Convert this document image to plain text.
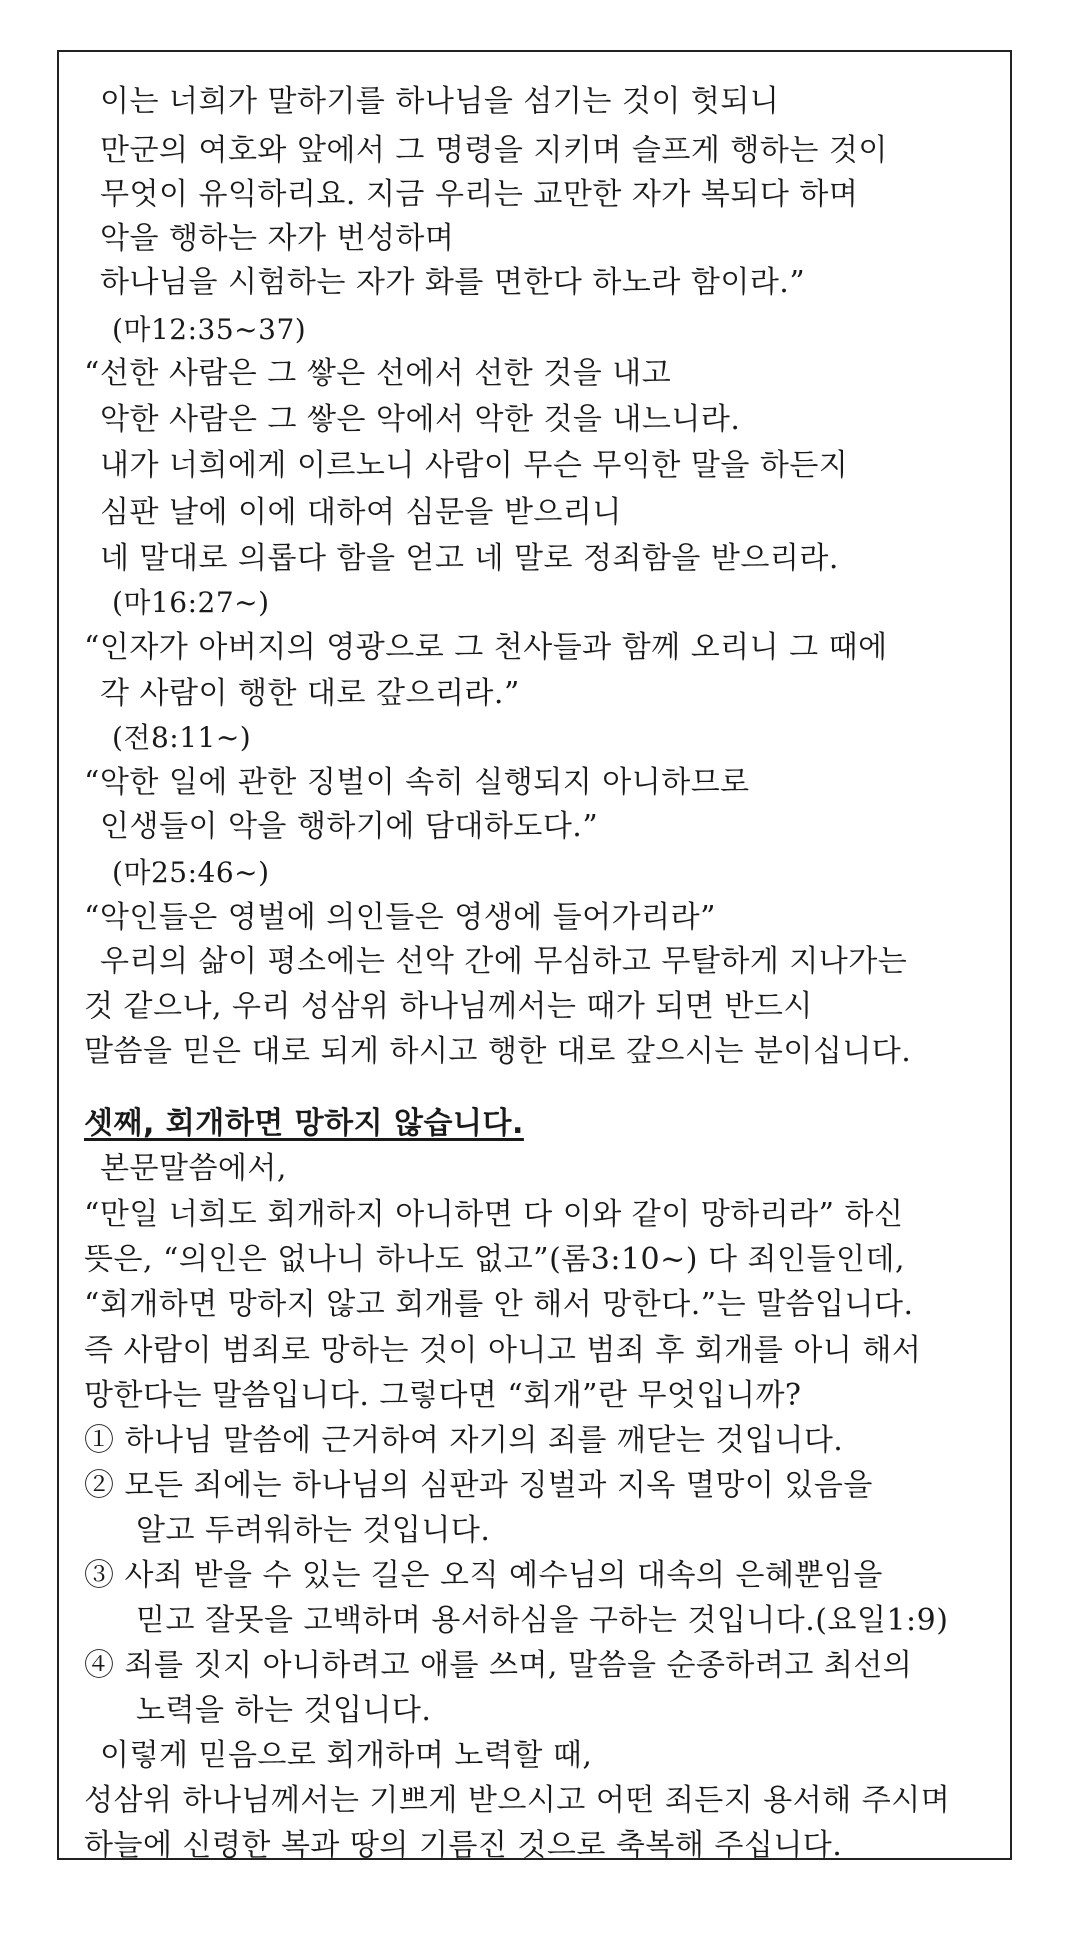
이는 너희가 말하기를 하나님을 섬기는 것이 헛되니
만군의 여호와 앞에서 그 명령을 지키며 슬프게 행하는 것이
무엇이 유익하리요. 지금 우리는 교만한 자가 복되다 하며
악을 행하는 자가 번성하며
하나님을 시험하는 자가 화를 면한다 하노라 함이라.”
(마12:35~37)
“선한 사람은 그 쌓은 선에서 선한 것을 내고
악한 사람은 그 쌓은 악에서 악한 것을 내느니라.
내가 너희에게 이르노니 사람이 무슨 무익한 말을 하든지
심판 날에 이에 대하여 심문을 받으리니
네 말대로 의롭다 함을 얻고 네 말로 정죄함을 받으리라.
(마16:27~)
“인자가 아버지의 영광으로 그 천사들과 함께 오리니 그 때에
각 사람이 행한 대로 갚으리라.”
(전8:11~)
“악한 일에 관한 징벌이 속히 실행되지 아니하므로
인생들이 악을 행하기에 담대하도다.”
(마25:46~)
“악인들은 영벌에 의인들은 영생에 들어가리라”
우리의 삶이 평소에는 선악 간에 무심하고 무탈하게 지나가는
것 같으나, 우리 성삼위 하나님께서는 때가 되면 반드시
말씀을 믿은 대로 되게 하시고 행한 대로 갚으시는 분이십니다.
셋째, 회개하면 망하지 않습니다.
본문말씀에서,
“만일 너희도 회개하지 아니하면 다 이와 같이 망하리라” 하신
뜻은, “의인은 없나니 하나도 없고”(롬3:10~) 다 죄인들인데,
“회개하면 망하지 않고 회개를 안 해서 망한다.”는 말씀입니다.
즉 사람이 범죄로 망하는 것이 아니고 범죄 후 회개를 아니 해서
망한다는 말씀입니다. 그렇다면 “회개”란 무엇입니까?
① 하나님 말씀에 근거하여 자기의 죄를 깨닫는 것입니다.
② 모든 죄에는 하나님의 심판과 징벌과 지옥 멸망이 있음을
알고 두려워하는 것입니다.
③ 사죄 받을 수 있는 길은 오직 예수님의 대속의 은혜뿐임을
믿고 잘못을 고백하며 용서하심을 구하는 것입니다.(요일1:9)
④ 죄를 짓지 아니하려고 애를 쓰며, 말씀을 순종하려고 최선의
노력을 하는 것입니다.
이렇게 믿음으로 회개하며 노력할 때,
성삼위 하나님께서는 기쁘게 받으시고 어떤 죄든지 용서해 주시며
하늘에 신령한 복과 땅의 기름진 것으로 축복해 주십니다.
